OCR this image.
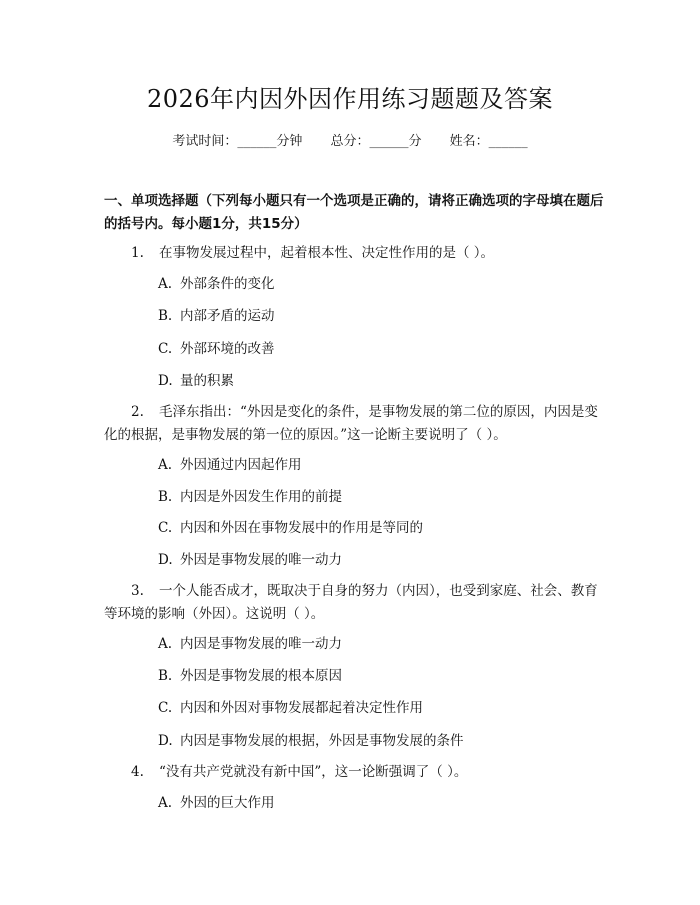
2026年内因外因作用练习题题及答案
考试时间：______分钟 总分：______分 姓名：______
一、单项选择题（下列每小题只有一个选项是正确的，请将正确选项的字母填在题后的括号内。每小题1分，共15分）
1. 在事物发展过程中，起着根本性、决定性作用的是（ ）。
A. 外部条件的变化
B. 内部矛盾的运动
C. 外部环境的改善
D. 量的积累
2. 毛泽东指出：“外因是变化的条件，是事物发展的第二位的原因，内因是变化的根据，是事物发展的第一位的原因。”这一论断主要说明了（ ）。
A. 外因通过内因起作用
B. 内因是外因发生作用的前提
C. 内因和外因在事物发展中的作用是等同的
D. 外因是事物发展的唯一动力
3. 一个人能否成才，既取决于自身的努力（内因），也受到家庭、社会、教育等环境的影响（外因）。这说明（ ）。
A. 内因是事物发展的唯一动力
B. 外因是事物发展的根本原因
C. 内因和外因对事物发展都起着决定性作用
D. 内因是事物发展的根据，外因是事物发展的条件
4. “没有共产党就没有新中国”，这一论断强调了（ ）。
A. 外因的巨大作用
